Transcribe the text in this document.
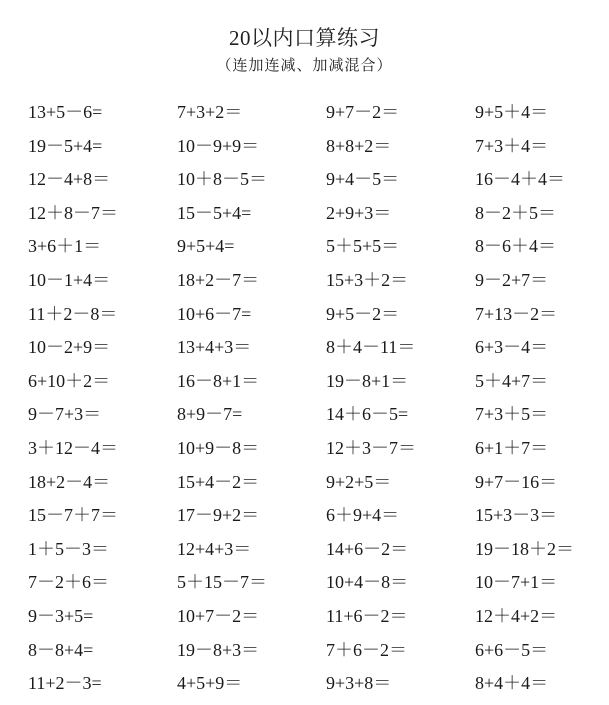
20以内口算练习
（连加连减、加减混合）
13+5－6=	7+3+2＝	9+7－2＝	9+5＋4＝
19－5+4=	10－9+9＝	8+8+2＝	7+3＋4＝
12－4+8＝	10＋8－5＝	9+4－5＝	16－4＋4＝
12＋8－7＝	15－5+4=	2+9+3＝	8－2＋5＝
3+6＋1＝	9+5+4=	5＋5+5＝	8－6＋4＝
10－1+4＝	18+2－7＝	15+3＋2＝	9－2+7＝
11＋2－8＝	10+6－7=	9+5－2＝	7+13－2＝
10－2+9＝	13+4+3＝	8＋4－11＝	6+3－4＝
6+10＋2＝	16－8+1＝	19－8+1＝	5＋4+7＝
9－7+3＝	8+9－7=	14＋6－5=	7+3＋5＝
3＋12－4＝	10+9－8＝	12＋3－7＝	6+1＋7＝
18+2－4＝	15+4－2＝	9+2+5＝	9+7－16＝
15－7＋7＝	17－9+2＝	6＋9+4＝	15+3－3＝
1＋5－3＝	12+4+3＝	14+6－2＝	19－18＋2＝
7－2＋6＝	5＋15－7＝	10+4－8＝	10－7+1＝
9－3+5=	10+7－2＝	11+6－2＝	12＋4+2＝
8－8+4=	19－8+3＝	7＋6－2＝	6+6－5＝
11+2－3=	4+5+9＝	9+3+8＝	8+4＋4＝
